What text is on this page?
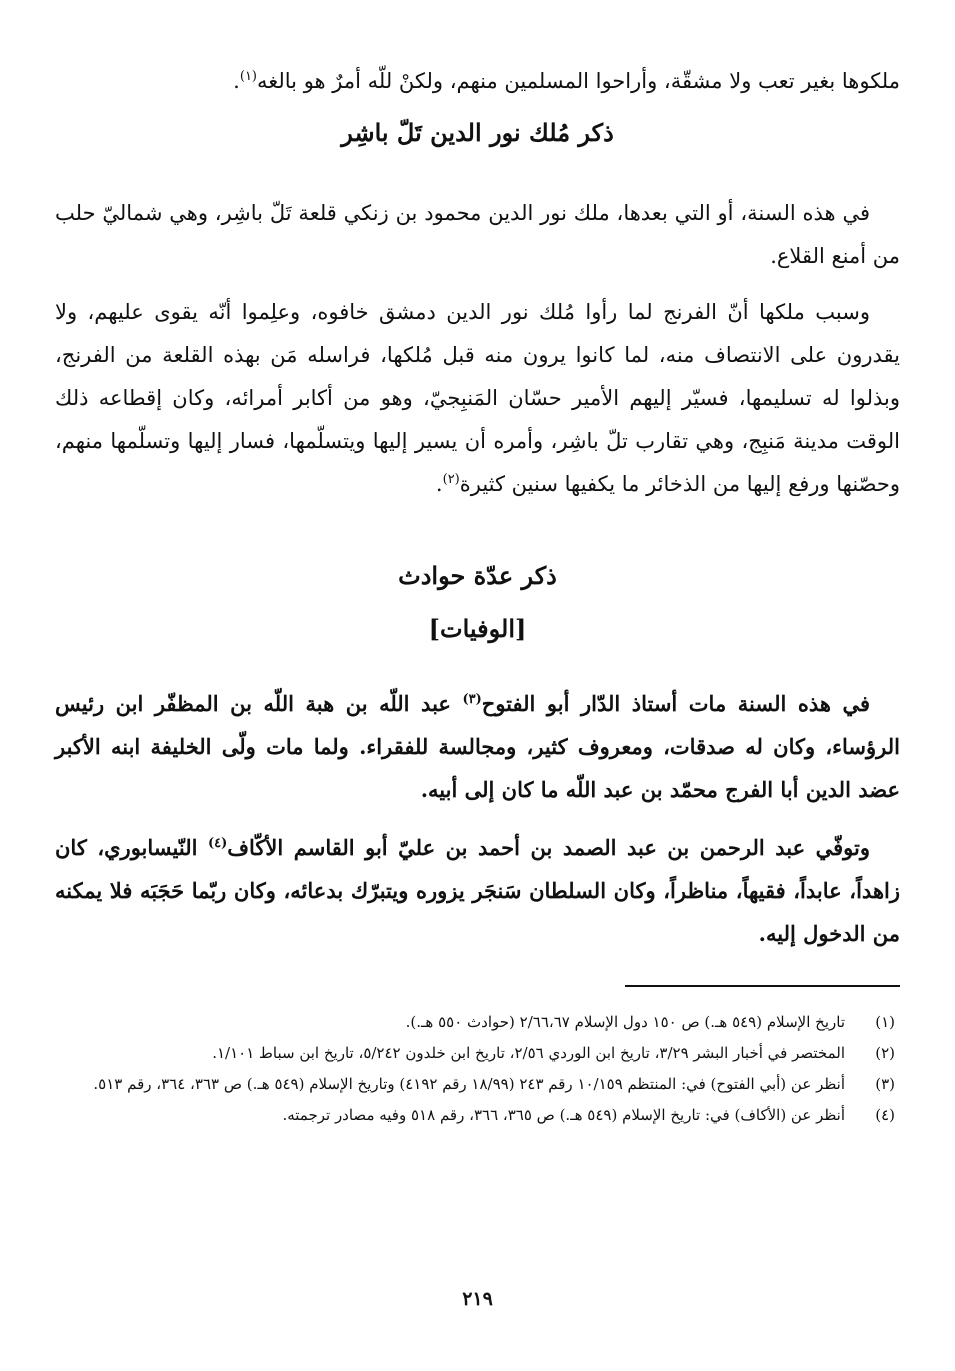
ملكوها بغير تعب ولا مشقّة، وأراحوا المسلمين منهم، ولكنْ للّه أمرٌ هو بالغه$^{(١)}$.

ذكر مُلك نور الدين تَلّ باشِر

في هذه السنة، أو التي بعدها، ملك نور الدين محمود بن زنكي قلعة تَلّ باشِر، وهي شماليّ حلب من أمنع القلاع.

وسبب ملكها أنّ الفرنج لما رأوا مُلك نور الدين دمشق خافوه، وعلِموا أنّه يقوى عليهم، ولا يقدرون على الانتصاف منه، لما كانوا يرون منه قبل مُلكها، فراسله مَن بهذه القلعة من الفرنج، وبذلوا له تسليمها، فسيّر إليهم الأمير حسّان المَنبِجيّ، وهو من أكابر أمرائه، وكان إقطاعه ذلك الوقت مدينة مَنبِج، وهي تقارب تلّ باشِر، وأمره أن يسير إليها ويتسلّمها، فسار إليها وتسلّمها منهم، وحصّنها ورفع إليها من الذخائر ما يكفيها سنين كثيرة$^{(٢)}$.

ذكر عدّة حوادث
[الوفيات]

في هذه السنة مات أستاذ الدّار أبو الفتوح$^{(٣)}$ عبد اللّه بن هبة اللّه بن المظفّر ابن رئيس الرؤساء، وكان له صدقات، ومعروف كثير، ومجالسة للفقراء. ولما مات ولّى الخليفة ابنه الأكبر عضد الدين أبا الفرج محمّد بن عبد اللّه ما كان إلى أبيه.

وتوفّي عبد الرحمن بن عبد الصمد بن أحمد بن عليّ أبو القاسم الأكّاف$^{(٤)}$ النّيسابوري، كان زاهداً، عابداً، فقيهاً، مناظراً، وكان السلطان سَنجَر يزوره ويتبرّك بدعائه، وكان ربّما حَجَبَه فلا يمكنه من الدخول إليه.

(١)
تاريخ الإسلام (٥٤٩ هـ.) ص ١٥٠ دول الإسلام ٢/٦٦،٦٧ (حوادث ٥٥٠ هـ.).
(٢)
المختصر في أخبار البشر ٣/٢٩، تاريخ ابن الوردي ٢/٥٦، تاريخ ابن خلدون ٥/٢٤٢، تاريخ ابن سباط ١/١٠١.
(٣)
أنظر عن (أبي الفتوح) في: المنتظم ١٠/١٥٩ رقم ٢٤٣ (١٨/٩٩ رقم ٤١٩٢) وتاريخ الإسلام (٥٤٩ هـ.) ص ٣٦٣، ٣٦٤، رقم ٥١٣.
(٤)
أنظر عن (الأكاف) في: تاريخ الإسلام (٥٤٩ هـ.) ص ٣٦٥، ٣٦٦، رقم ٥١٨ وفيه مصادر ترجمته.
٢١٩
